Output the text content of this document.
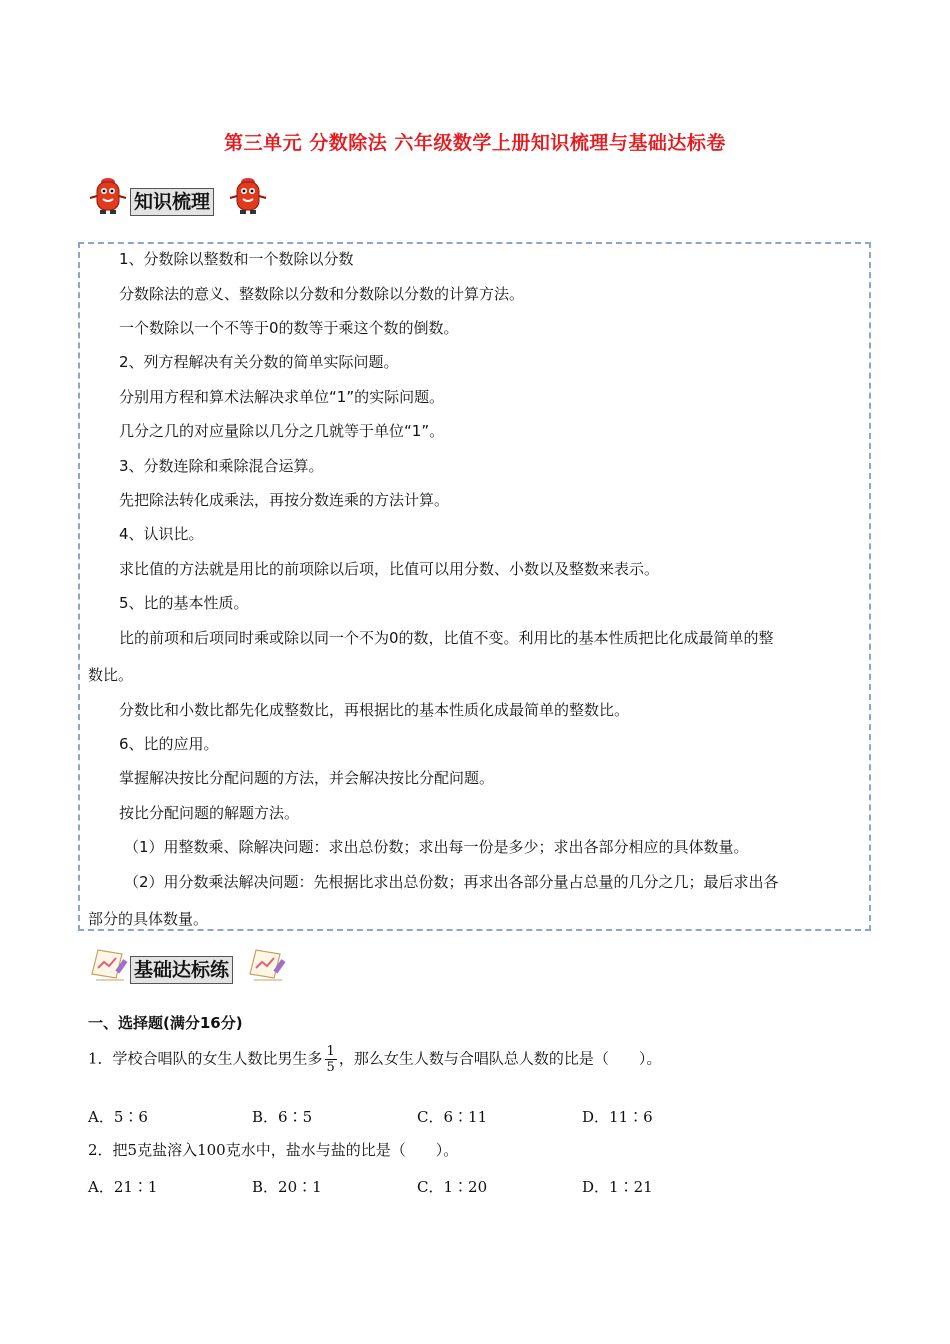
第三单元 分数除法 六年级数学上册知识梳理与基础达标卷
知识梳理
1、分数除以整数和一个数除以分数
分数除法的意义、整数除以分数和分数除以分数的计算方法。
一个数除以一个不等于0的数等于乘这个数的倒数。
2、列方程解决有关分数的简单实际问题。
分别用方程和算术法解决求单位“1”的实际问题。
几分之几的对应量除以几分之几就等于单位“1”。
3、分数连除和乘除混合运算。
先把除法转化成乘法，再按分数连乘的方法计算。
4、认识比。
求比值的方法就是用比的前项除以后项，比值可以用分数、小数以及整数来表示。
5、比的基本性质。
比的前项和后项同时乘或除以同一个不为0的数，比值不变。利用比的基本性质把比化成最简单的整
数比。
分数比和小数比都先化成整数比，再根据比的基本性质化成最简单的整数比。
6、比的应用。
掌握解决按比分配问题的方法，并会解决按比分配问题。
按比分配问题的解题方法。
（1）用整数乘、除解决问题：求出总份数；求出每一份是多少；求出各部分相应的具体数量。
（2）用分数乘法解决问题：先根据比求出总份数；再求出各部分量占总量的几分之几；最后求出各
部分的具体数量。
基础达标练
一、选择题(满分16分)
1．学校合唱队的女生人数比男生多 $\frac{1}{5}$ ，那么女生人数与合唱队总人数的比是（　　）。
A．5∶6	B．6∶5	C．6∶11	D．11∶6
2．把5克盐溶入100克水中，盐水与盐的比是（　　）。
A．21∶1	B．20∶1	C．1∶20	D．1∶21
